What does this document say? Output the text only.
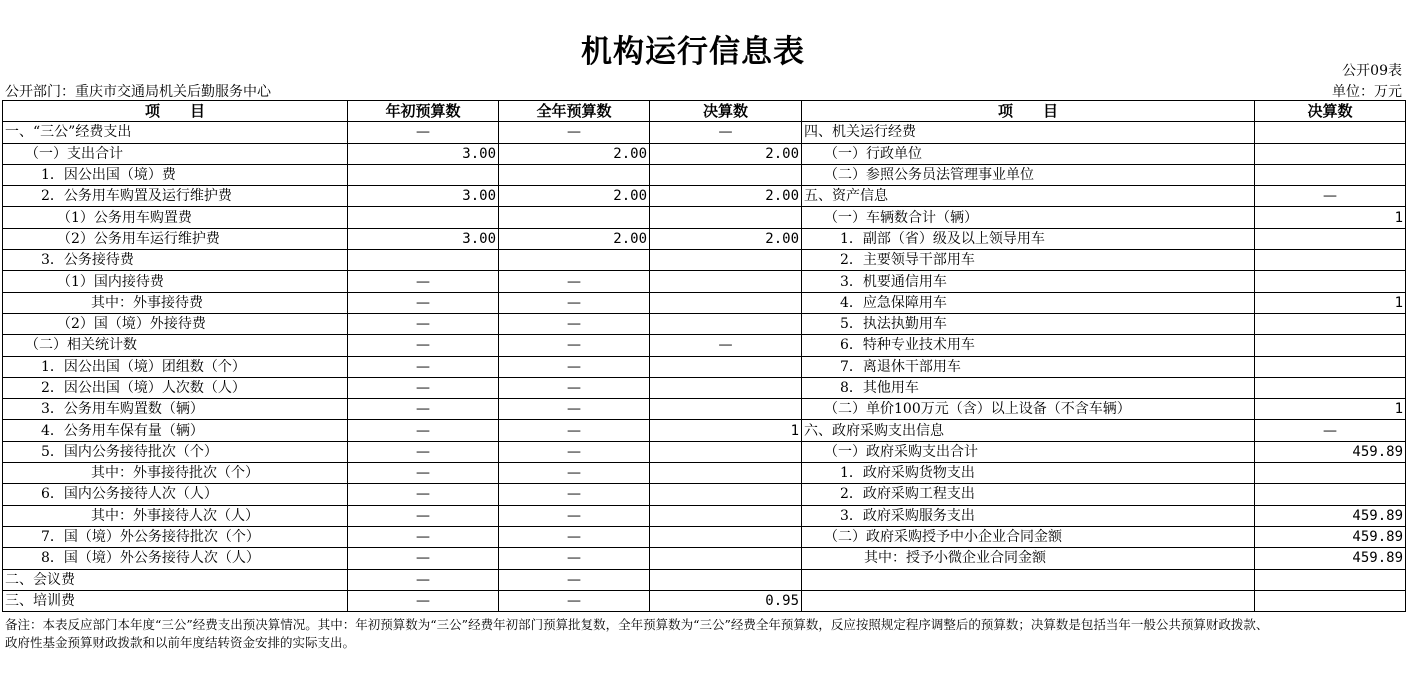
机构运行信息表
公开09表
公开部门：重庆市交通局机关后勤服务中心	单位：万元
项　　目	年初预算数	全年预算数	决算数	项　　目	决算数
一、“三公”经费支出	—	—	—	四、机关运行经费	
（一）支出合计	3.00	2.00	2.00	（一）行政单位	
1．因公出国（境）费				（二）参照公务员法管理事业单位	
2．公务用车购置及运行维护费	3.00	2.00	2.00	五、资产信息	—
（1）公务用车购置费				（一）车辆数合计（辆）	1
（2）公务用车运行维护费	3.00	2.00	2.00	1．副部（省）级及以上领导用车	
3．公务接待费				2．主要领导干部用车	
（1）国内接待费	—	—		3．机要通信用车	
其中：外事接待费	—	—		4．应急保障用车	1
（2）国（境）外接待费	—	—		5．执法执勤用车	
（二）相关统计数	—	—	—	6．特种专业技术用车	
1．因公出国（境）团组数（个）	—	—		7．离退休干部用车	
2．因公出国（境）人次数（人）	—	—		8．其他用车	
3．公务用车购置数（辆）	—	—		（二）单价100万元（含）以上设备（不含车辆）	1
4．公务用车保有量（辆）	—	—	1	六、政府采购支出信息	—
5．国内公务接待批次（个）	—	—		（一）政府采购支出合计	459.89
其中：外事接待批次（个）	—	—		1．政府采购货物支出	
6．国内公务接待人次（人）	—	—		2．政府采购工程支出	
其中：外事接待人次（人）	—	—		3．政府采购服务支出	459.89
7．国（境）外公务接待批次（个）	—	—		（二）政府采购授予中小企业合同金额	459.89
8．国（境）外公务接待人次（人）	—	—		其中：授予小微企业合同金额	459.89
二、会议费	—	—			
三、培训费	—	—	0.95		
备注：本表反应部门本年度“三公”经费支出预决算情况。其中：年初预算数为“三公”经费年初部门预算批复数，全年预算数为“三公”经费全年预算数，反应按照规定程序调整后的预算数；决算数是包括当年一般公共预算财政拨款、
政府性基金预算财政拨款和以前年度结转资金安排的实际支出。
